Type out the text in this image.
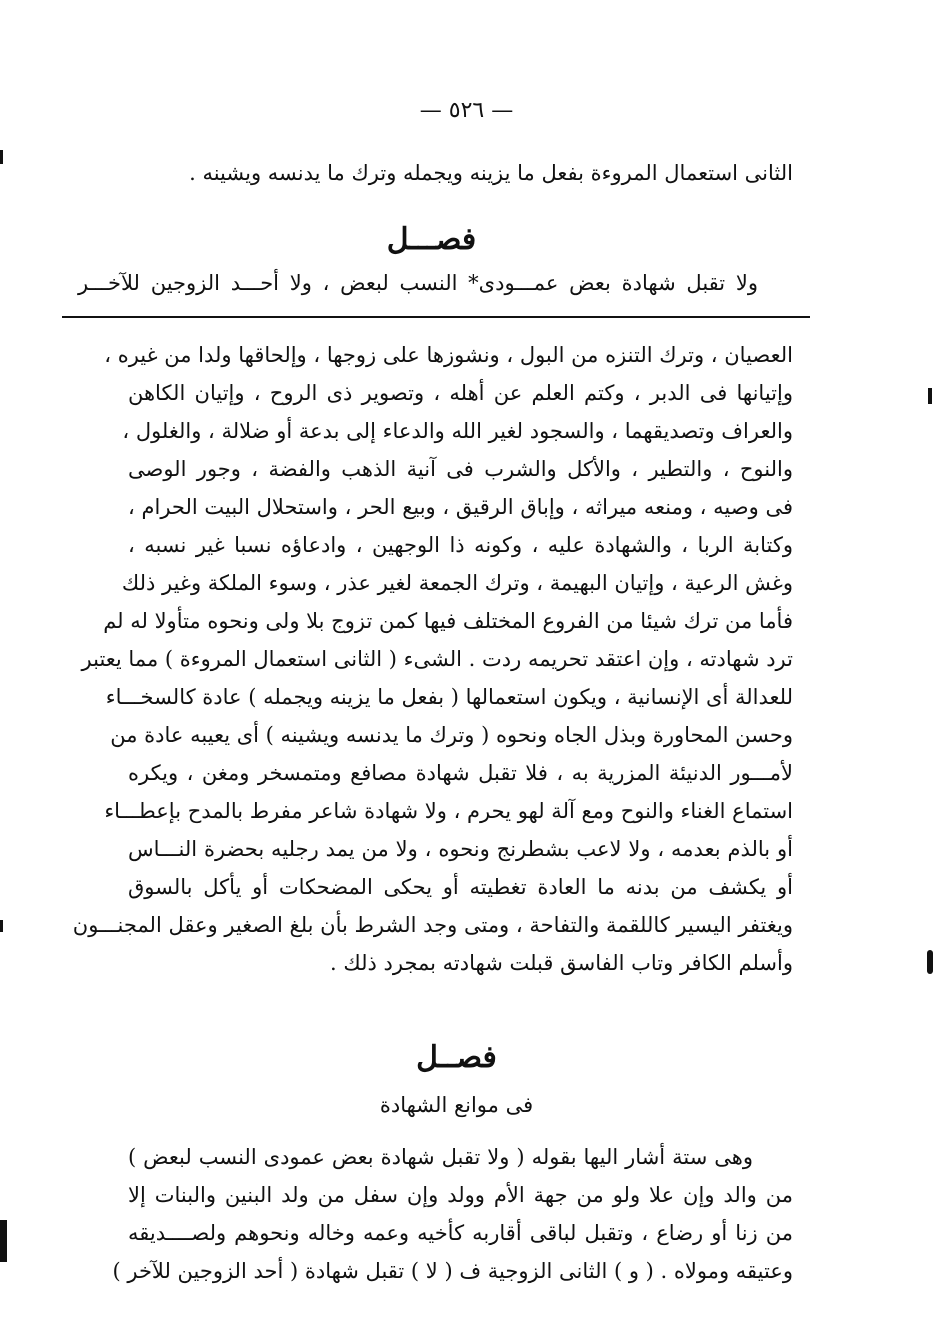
— ٥٢٦ —
الثانى استعمال المروءة بفعل ما يزينه ويجمله وترك ما يدنسه ويشينه .
فصـــل
ولا تقبل شهادة بعض عمـــودى* النسب لبعض ، ولا أحـــد الزوجين للآخـــر
العصيان ، وترك التنزه من البول ، ونشوزها على زوجها ، وإلحاقها ولدا من غيره ،
وإتيانها فى الدبر ، وكتم العلم عن أهله ، وتصوير ذى الروح ، وإتيان الكاهن
والعراف وتصديقهما ، والسجود لغير الله والدعاء إلى بدعة أو ضلالة ، والغلول ،
والنوح ، والتطير ، والأكل والشرب فى آنية الذهب والفضة ، وجور الوصى
فى وصيه ، ومنعه ميراثه ، وإباق الرقيق ، وبيع الحر ، واستحلال البيت الحرام ،
وكتابة الربا ، والشهادة عليه ، وكونه ذا الوجهين ، وادعاؤه نسبا غير نسبه ،
وغش الرعية ، وإتيان البهيمة ، وترك الجمعة لغير عذر ، وسوء الملكة وغير ذلك
فأما من ترك شيئا من الفروع المختلف فيها كمن تزوج بلا ولى ونحوه متأولا له لم
ترد شهادته ، وإن اعتقد تحريمه ردت . الشىء ( الثانى استعمال المروءة ) مما يعتبر
للعدالة أى الإنسانية ، ويكون استعمالها ( بفعل ما يزينه ويجمله ) عادة كالسخـــاء
وحسن المحاورة وبذل الجاه ونحوه ( وترك ما يدنسه ويشينه ) أى يعيبه عادة من
لأمـــور الدنيئة المزرية به ، فلا تقبل شهادة مصافع ومتمسخر ومغن ، ويكره
استماع الغناء والنوح ومع آلة لهو يحرم ، ولا شهادة شاعر مفرط بالمدح بإعطـــاء
أو بالذم بعدمه ، ولا لاعب بشطرنج ونحوه ، ولا من يمد رجليه بحضرة النـــاس
أو يكشف من بدنه ما العادة تغطيته أو يحكى المضحكات أو يأكل بالسوق
ويغتفر اليسير كاللقمة والتفاحة ، ومتى وجد الشرط بأن بلغ الصغير وعقل المجنـــون
وأسلم الكافر وتاب الفاسق قبلت شهادته بمجرد ذلك .
فصــل
فى موانع الشهادة
وهى ستة أشار اليها بقوله ( ولا تقبل شهادة بعض عمودى النسب لبعض )
من والد وإن علا ولو من جهة الأم وولد وإن سفل من ولد البنين والبنات إلا
من زنا أو رضاع ، وتقبل لباقى أقاربه كأخيه وعمه وخاله ونحوهم ولصــــديقه
وعتيقه ومولاه . ( و ) الثانى الزوجية ف ( لا ) تقبل شهادة ( أحد الزوجين للآخر )
